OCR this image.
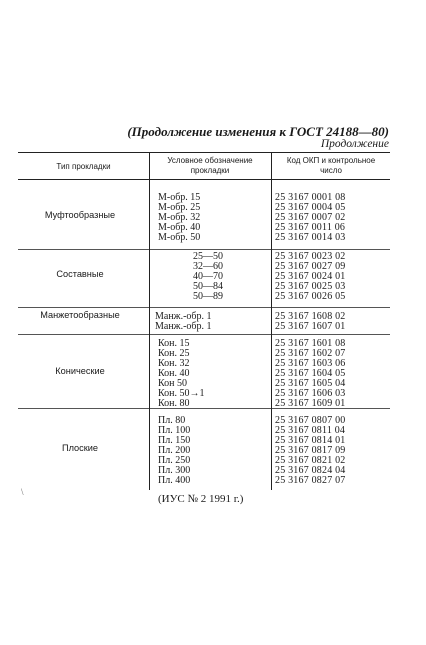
(Продолжение изменения к ГОСТ 24188—80)
Продолжение
Тип прокладки
Условное обозначение прокладки
Код ОКП и контрольное число
Муфтообразные
М-обр. 15
М-обр. 25
М-обр. 32
М-обр. 40
М-обр. 50
25 3167 0001 08
25 3167 0004 05
25 3167 0007 02
25 3167 0011 06
25 3167 0014 03
Составные
25—50
32—60
40—70
50—84
50—89
25 3167 0023 02
25 3167 0027 09
25 3167 0024 01
25 3167 0025 03
25 3167 0026 05
Манжетообразные	Манж.-обр. 1
Манж.-обр. 1
25 3167 1608 02
25 3167 1607 01
Конические
Кон. 15
Кон. 25
Кон. 32
Кон. 40
Кон 50
Кон. 50→1
Кон. 80
25 3167 1601 08
25 3167 1602 07
25 3167 1603 06
25 3167 1604 05
25 3167 1605 04
25 3167 1606 03
25 3167 1609 01
Плоские
Пл. 80
Пл. 100
Пл. 150
Пл. 200
Пл. 250
Пл. 300
Пл. 400
25 3167 0807 00
25 3167 0811 04
25 3167 0814 01
25 3167 0817 09
25 3167 0821 02
25 3167 0824 04
25 3167 0827 07
\
(ИУС № 2 1991 г.)
